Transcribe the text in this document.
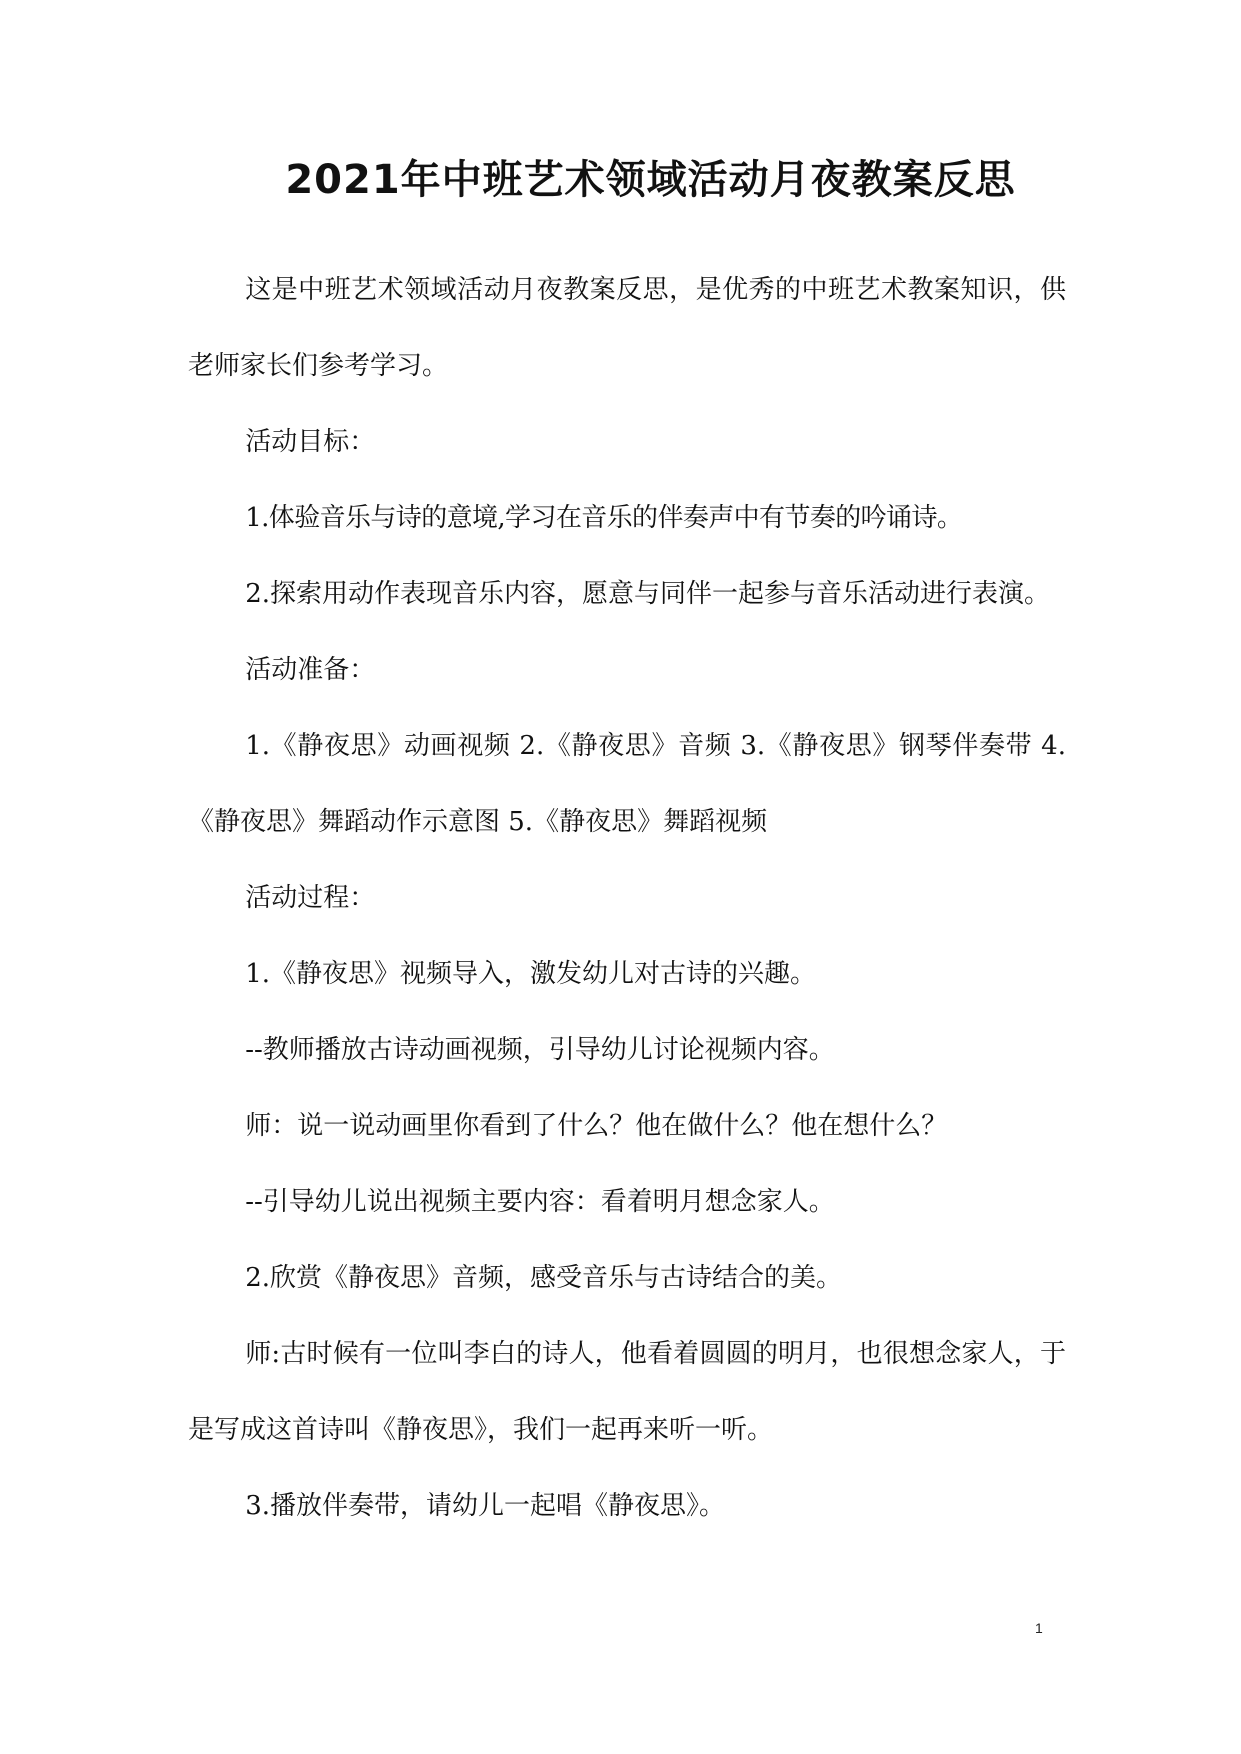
2021年中班艺术领域活动月夜教案反思

这是中班艺术领域活动月夜教案反思，是优秀的中班艺术教案知识，供老师家长们参考学习。

活动目标：

1.体验音乐与诗的意境,学习在音乐的伴奏声中有节奏的吟诵诗。

2.探索用动作表现音乐内容，愿意与同伴一起参与音乐活动进行表演。

活动准备：

1.《静夜思》动画视频 2.《静夜思》音频 3.《静夜思》钢琴伴奏带 4.《静夜思》舞蹈动作示意图 5.《静夜思》舞蹈视频

活动过程：

1.《静夜思》视频导入，激发幼儿对古诗的兴趣。

--教师播放古诗动画视频，引导幼儿讨论视频内容。

师：说一说动画里你看到了什么？他在做什么？他在想什么？

--引导幼儿说出视频主要内容：看着明月想念家人。

2.欣赏《静夜思》音频，感受音乐与古诗结合的美。

师:古时候有一位叫李白的诗人，他看着圆圆的明月，也很想念家人，于是写成这首诗叫《静夜思》，我们一起再来听一听。

3.播放伴奏带，请幼儿一起唱《静夜思》。

1
